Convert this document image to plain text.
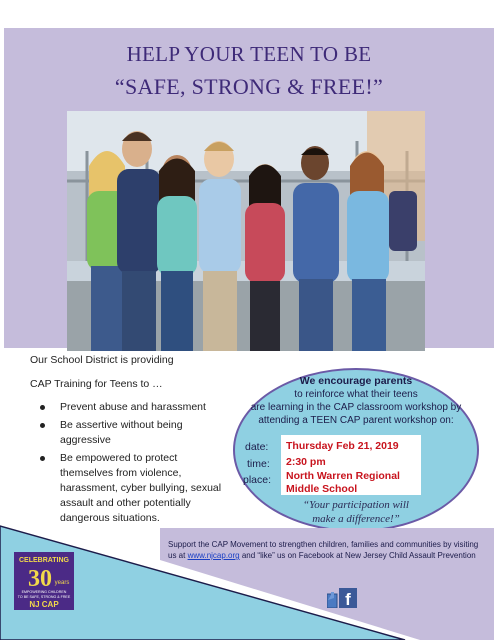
HELP YOUR TEEN TO BE
“SAFE, STRONG & FREE!”
Our School District is providing
CAP Training for Teens to …
Prevent abuse and harassment
Be assertive without being aggressive
Be empowered to protect themselves from violence, harassment, cyber bullying, sexual assault and other potentially dangerous situations.
We encourage parents
to reinforce what their teens
are learning in the CAP classroom workshop by
attending a TEEN CAP parent workshop on:
date:
time:
place:
Thursday Feb 21, 2019
2:30 pm
North Warren Regional
Middle School
“Your participation will
make a difference!”
Support the CAP Movement to strengthen children, families and communities by visiting us at www.njcap.org and “like” us on Facebook at New Jersey Child Assault Prevention
CELEBRATING
30 years
EMPOWERING CHILDREN
TO BE SAFE, STRONG & FREE
NJ CAP	f
